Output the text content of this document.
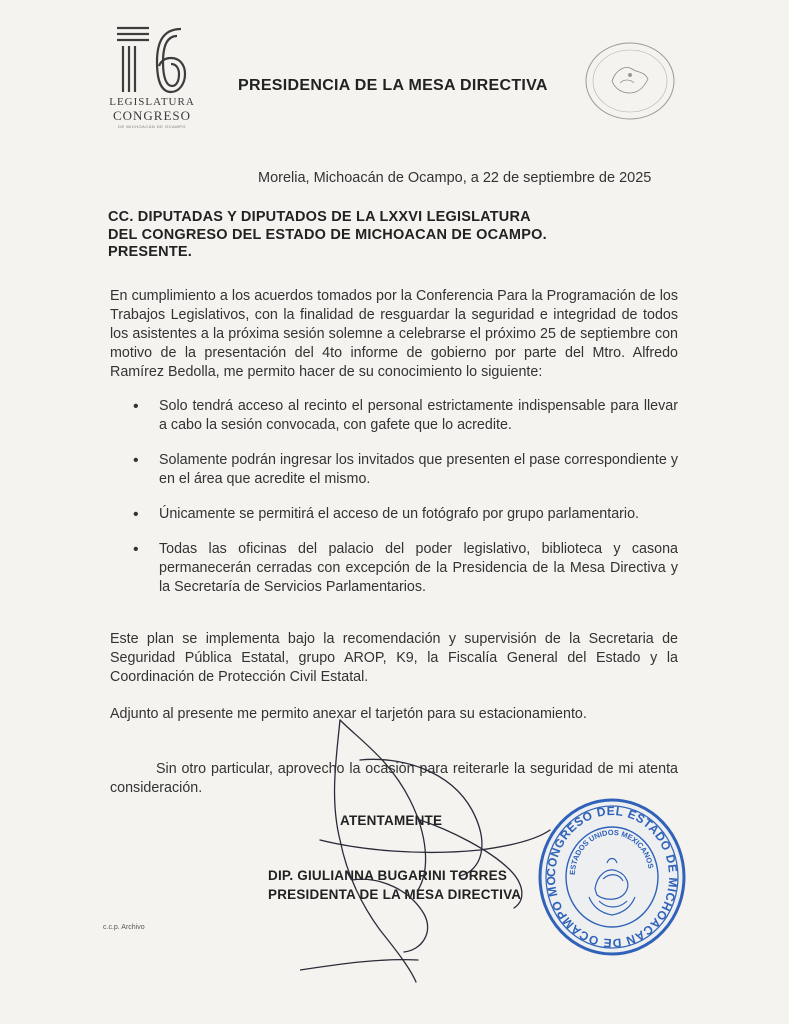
LEGISLATURA
CONGRESO
DE MICHOACÁN DE OCAMPO
PRESIDENCIA DE LA MESA DIRECTIVA
Morelia, Michoacán de Ocampo, a 22 de septiembre de 2025
CC. DIPUTADAS Y DIPUTADOS DE LA LXXVI LEGISLATURA
DEL CONGRESO DEL ESTADO DE MICHOACAN DE OCAMPO.
PRESENTE.
En cumplimiento a los acuerdos tomados por la Conferencia Para la Programación de los Trabajos Legislativos, con la finalidad de resguardar la seguridad e integridad de todos los asistentes a la próxima sesión solemne a celebrarse el próximo 25 de septiembre con motivo de la presentación del 4to informe de gobierno por parte del Mtro. Alfredo Ramírez Bedolla, me permito hacer de su conocimiento lo siguiente:
• Solo tendrá acceso al recinto el personal estrictamente indispensable para llevar a cabo la sesión convocada, con gafete que lo acredite.
• Solamente podrán ingresar los invitados que presenten el pase correspondiente y en el área que acredite el mismo.
• Únicamente se permitirá el acceso de un fotógrafo por grupo parlamentario.
• Todas las oficinas del palacio del poder legislativo, biblioteca y casona permanecerán cerradas con excepción de la Presidencia de la Mesa Directiva y la Secretaría de Servicios Parlamentarios.
Este plan se implementa bajo la recomendación y supervisión de la Secretaria de Seguridad Pública Estatal, grupo AROP, K9, la Fiscalía General del Estado y la Coordinación de Protección Civil Estatal.
Adjunto al presente me permito anexar el tarjetón para su estacionamiento.
Sin otro particular, aprovecho la ocasión para reiterarle la seguridad de mi atenta consideración.
ATENTAMENTE
DIP. GIULIANNA BUGARINI TORRES
PRESIDENTA DE LA MESA DIRECTIVA
c.c.p. Archivo
CONGRESO DEL ESTADO DE MICHOACAN DE OCAMPO MO
ESTADOS UNIDOS MEXICANOS
